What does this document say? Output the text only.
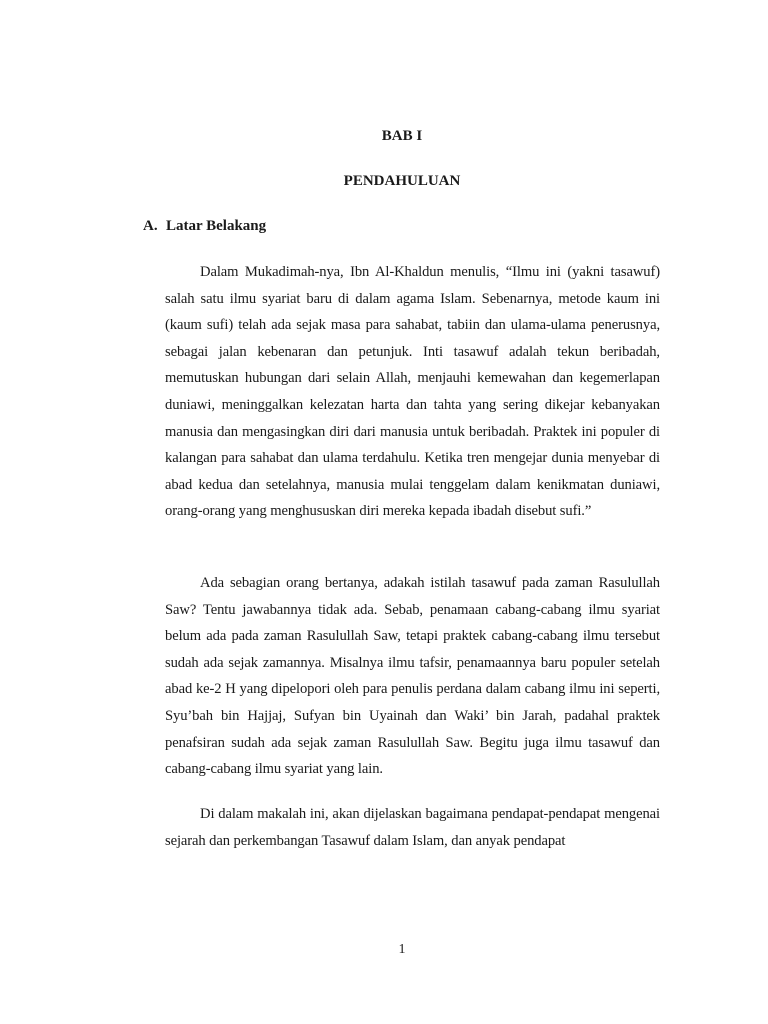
BAB I
PENDAHULUAN
A. Latar Belakang

Dalam Mukadimah-nya, Ibn Al-Khaldun menulis, “Ilmu ini (yakni tasawuf) salah satu ilmu syariat baru di dalam agama Islam. Sebenarnya, metode kaum ini (kaum sufi) telah ada sejak masa para sahabat, tabiin dan ulama-ulama penerusnya, sebagai jalan kebenaran dan petunjuk. Inti tasawuf adalah tekun beribadah, memutuskan hubungan dari selain Allah, menjauhi kemewahan dan kegemerlapan duniawi, meninggalkan kelezatan harta dan tahta yang sering dikejar kebanyakan manusia dan mengasingkan diri dari manusia untuk beribadah. Praktek ini populer di kalangan para sahabat dan ulama terdahulu. Ketika tren mengejar dunia menyebar di abad kedua dan setelahnya, manusia mulai tenggelam dalam kenikmatan duniawi, orang-orang yang menghususkan diri mereka kepada ibadah disebut sufi.”

Ada sebagian orang bertanya, adakah istilah tasawuf pada zaman Rasulullah Saw? Tentu jawabannya tidak ada. Sebab, penamaan cabang-cabang ilmu syariat belum ada pada zaman Rasulullah Saw, tetapi praktek cabang-cabang ilmu tersebut sudah ada sejak zamannya. Misalnya ilmu tafsir, penamaannya baru populer setelah abad ke-2 H yang dipelopori oleh para penulis perdana dalam cabang ilmu ini seperti, Syu’bah bin Hajjaj, Sufyan bin Uyainah dan Waki’ bin Jarah, padahal praktek penafsiran sudah ada sejak zaman Rasulullah Saw. Begitu juga ilmu tasawuf dan cabang-cabang ilmu syariat yang lain.

Di dalam makalah ini, akan dijelaskan bagaimana pendapat-pendapat mengenai sejarah dan perkembangan Tasawuf dalam Islam, dan anyak pendapat

1
